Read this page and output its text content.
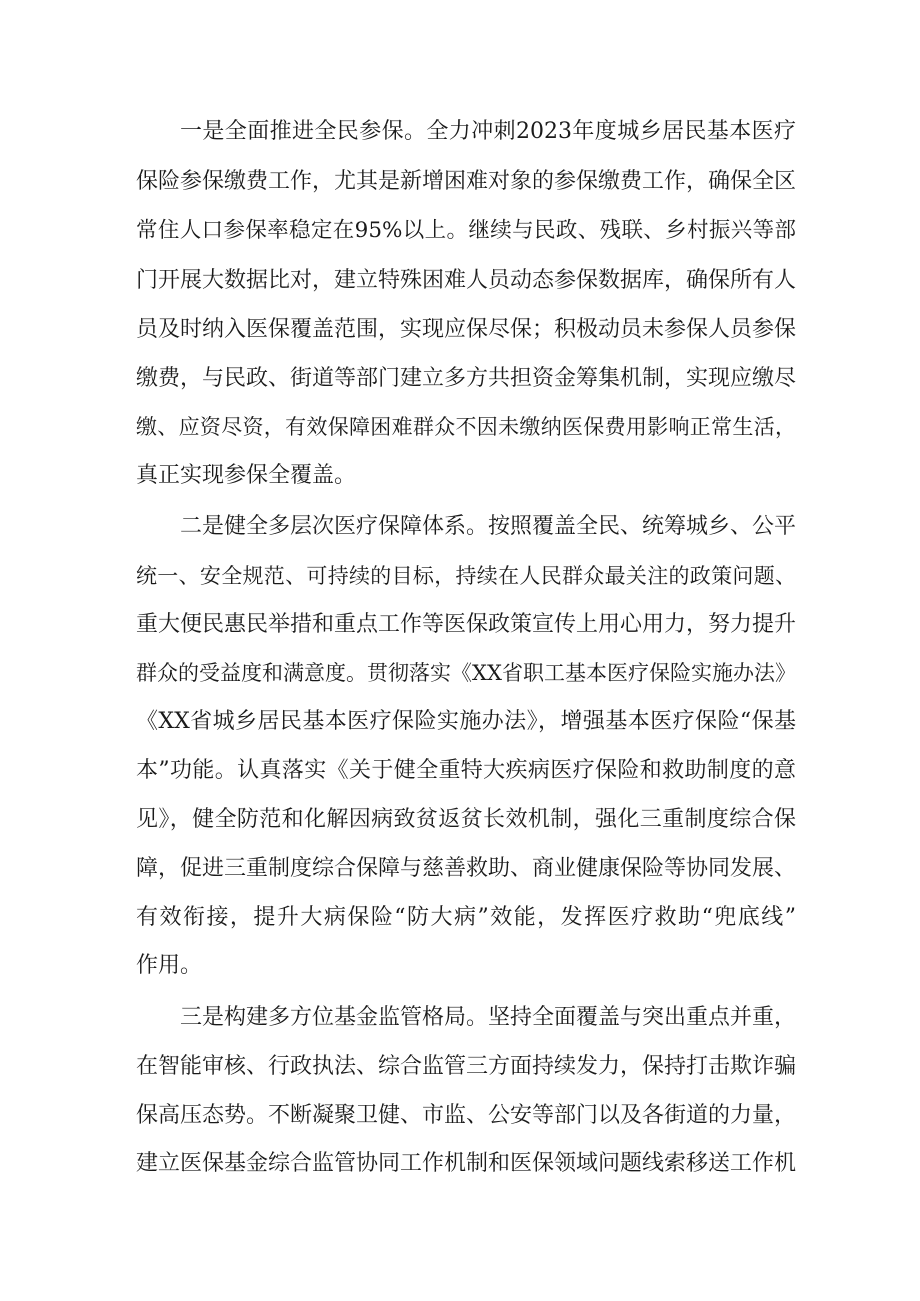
一是全面推进全民参保。全力冲刺2023年度城乡居民基本医疗
保险参保缴费工作，尤其是新增困难对象的参保缴费工作，确保全区
常住人口参保率稳定在95%以上。继续与民政、残联、乡村振兴等部
门开展大数据比对，建立特殊困难人员动态参保数据库，确保所有人
员及时纳入医保覆盖范围，实现应保尽保；积极动员未参保人员参保
缴费，与民政、街道等部门建立多方共担资金筹集机制，实现应缴尽
缴、应资尽资，有效保障困难群众不因未缴纳医保费用影响正常生活，
真正实现参保全覆盖。
二是健全多层次医疗保障体系。按照覆盖全民、统筹城乡、公平
统一、安全规范、可持续的目标，持续在人民群众最关注的政策问题、
重大便民惠民举措和重点工作等医保政策宣传上用心用力，努力提升
群众的受益度和满意度。贯彻落实《XX省职工基本医疗保险实施办法》
《XX省城乡居民基本医疗保险实施办法》，增强基本医疗保险“保基
本”功能。认真落实《关于健全重特大疾病医疗保险和救助制度的意
见》，健全防范和化解因病致贫返贫长效机制，强化三重制度综合保
障，促进三重制度综合保障与慈善救助、商业健康保险等协同发展、
有效衔接，提升大病保险“防大病”效能，发挥医疗救助“兜底线”
作用。
三是构建多方位基金监管格局。坚持全面覆盖与突出重点并重，
在智能审核、行政执法、综合监管三方面持续发力，保持打击欺诈骗
保高压态势。不断凝聚卫健、市监、公安等部门以及各街道的力量，
建立医保基金综合监管协同工作机制和医保领域问题线索移送工作机
